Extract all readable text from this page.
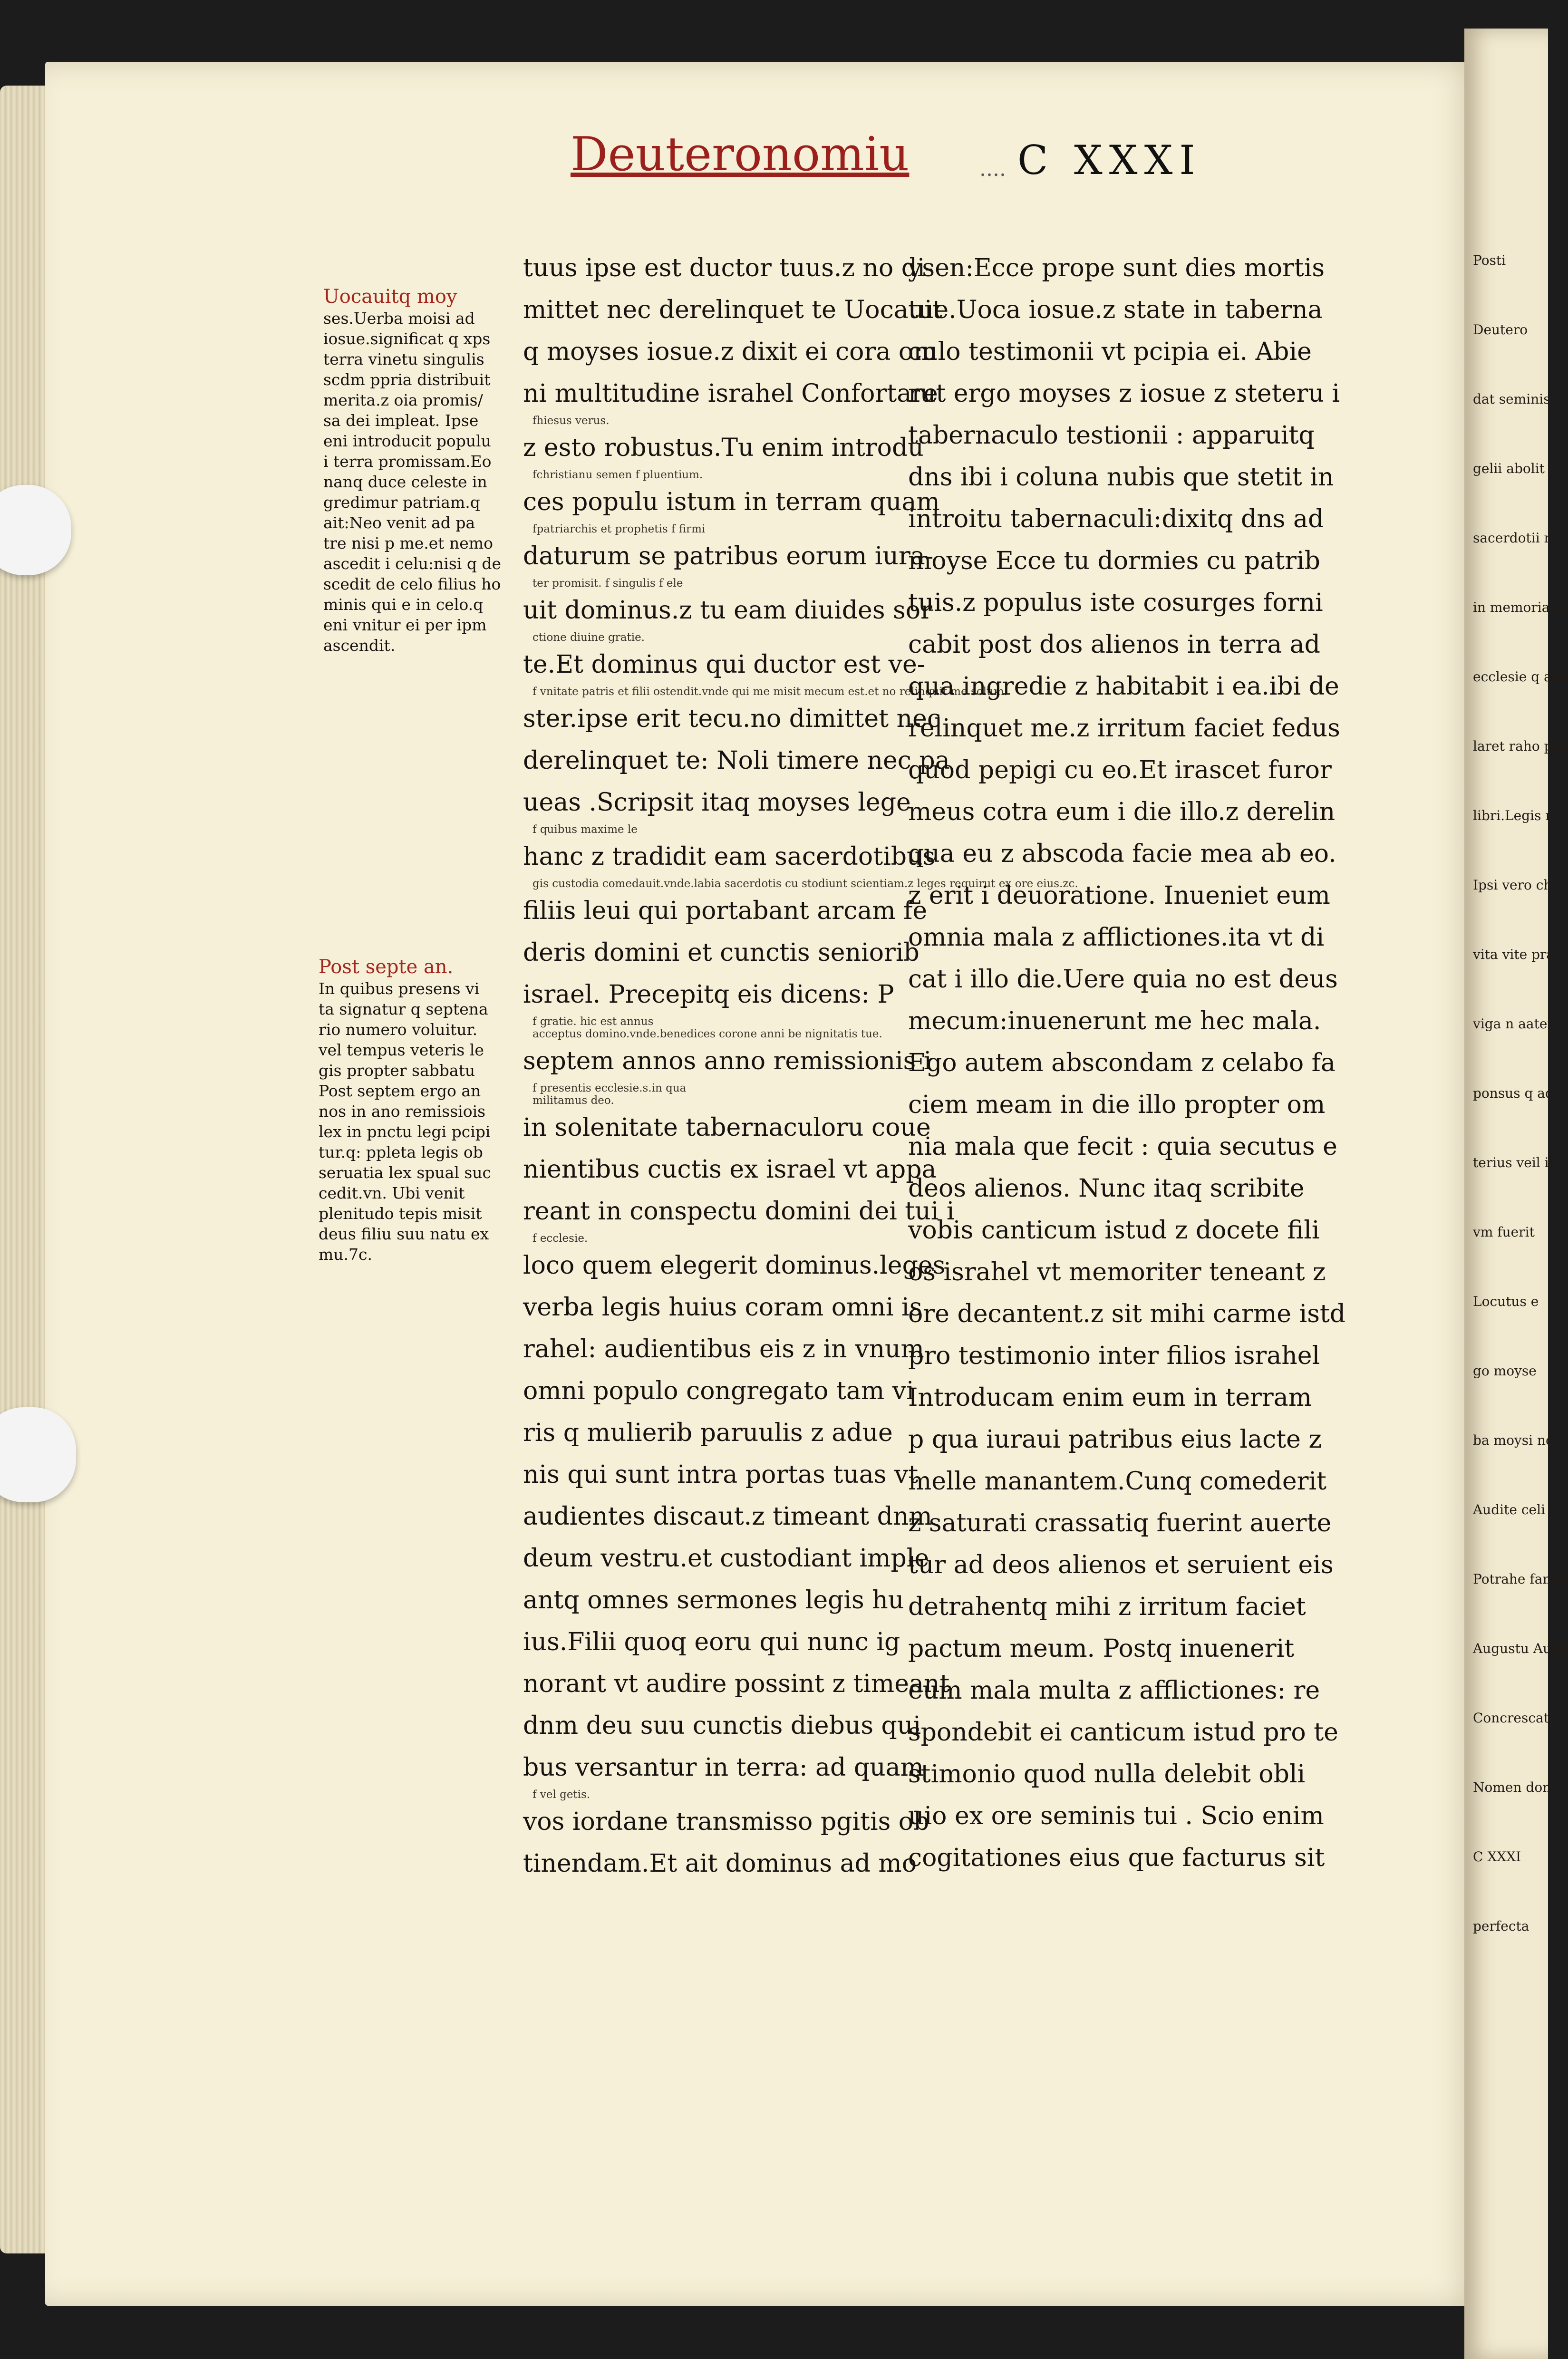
Posti
Deutero
dat seminis
gelii abolit
sacerdotii m
in memoria re
ecclesie q aba
laret raho pre
libri.Legis n
Ipsi vero cha
vita vite pra
viga n aatem
ponsus q ad
terius veil in
vm fuerit
Locutus e
go moyse
ba moysi no
Audite celi
Potrahe fama
Augustu Audi
Concrescat
Nomen don
C XXXI
perfecta
Deuteronomiu	.... C XXXI
Uocauitq moy
ses.Uerba moisi ad
iosue.significat q xps
terra vinetu singulis
scdm ppria distribuit
merita.z oia promis/
sa dei impleat. Ipse
eni introducit populu
i terra promissam.Eo
nanq duce celeste in
gredimur patriam.q
ait:Neo venit ad pa
tre nisi p me.et nemo
ascedit i celu:nisi q de
scedit de celo filius ho
minis qui e in celo.q
eni vnitur ei per ipm
ascendit.
Post septe an.
In quibus presens vi
ta signatur q septena
rio numero voluitur.
vel tempus veteris le
gis propter sabbatu
Post septem ergo an
nos in ano remissiois
lex in pnctu legi pcipi
tur.q: ppleta legis ob
seruatia lex spual suc
cedit.vn. Ubi venit
plenitudo tepis misit
deus filiu suu natu ex
mu.7c.
tuus ipse est ductor tuus.z no di-
mittet nec derelinquet te Uocauit
q moyses iosue.z dixit ei cora om
ni multitudine israhel Confortare
fhiesus verus.
z esto robustus.Tu enim introdu
fchristianu semen f pluentium.
ces populu istum in terram quam
fpatriarchis et prophetis f firmi
daturum se patribus eorum iura-
ter promisit. f singulis f ele
uit dominus.z tu eam diuides sor
ctione diuine gratie.
te.Et dominus qui ductor est ve-
f vnitate patris et filii ostendit.vnde qui me misit mecum est.et no relinquit me solum.
ster.ipse erit tecu.no dimittet nec
derelinquet te: Noli timere nec pa
ueas .Scripsit itaq moyses lege
f quibus maxime le
hanc z tradidit eam sacerdotibus
gis custodia comedauit.vnde.labia sacerdotis cu stodiunt scientiam.z leges requirut ex ore eius.zc.
filiis leui qui portabant arcam fe
deris domini et cunctis seniorib
israel. Precepitq eis dicens: P
f gratie. hic est annus
acceptus domino.vnde.benedices corone anni be nignitatis tue.
septem annos anno remissionis i
f presentis ecclesie.s.in qua
militamus deo.
in solenitate tabernaculoru coue
nientibus cuctis ex israel vt appa
reant in conspectu domini dei tui i
f ecclesie.
loco quem elegerit dominus.leges
verba legis huius coram omni is
rahel: audientibus eis z in vnum
omni populo congregato tam vi
ris q mulierib paruulis z adue
nis qui sunt intra portas tuas vt
audientes discaut.z timeant dnm
deum vestru.et custodiant imple
antq omnes sermones legis hu
ius.Filii quoq eoru qui nunc ig
norant vt audire possint z timeant
dnm deu suu cunctis diebus qui
bus versantur in terra: ad quam
f vel getis.
vos iordane transmisso pgitis ob
tinendam.Et ait dominus ad mo
ysen:Ecce prope sunt dies mortis
tue.Uoca iosue.z state in taberna
culo testimonii vt pcipia ei. Abie
rut ergo moyses z iosue z steteru i
tabernaculo testionii : apparuitq
dns ibi i coluna nubis que stetit in
introitu tabernaculi:dixitq dns ad
moyse Ecce tu dormies cu patrib
tuis.z populus iste cosurges forni
cabit post dos alienos in terra ad
qua ingredie z habitabit i ea.ibi de
relinquet me.z irritum faciet fedus
quod pepigi cu eo.Et irascet furor
meus cotra eum i die illo.z derelin
qua eu z abscoda facie mea ab eo.
z erit i deuoratione. Inueniet eum
omnia mala z afflictiones.ita vt di
cat i illo die.Uere quia no est deus
mecum:inuenerunt me hec mala.
Ego autem abscondam z celabo fa
ciem meam in die illo propter om
nia mala que fecit : quia secutus e
deos alienos. Nunc itaq scribite
vobis canticum istud z docete fili
os israhel vt memoriter teneant z
ore decantent.z sit mihi carme istd
pro testimonio inter filios israhel
Introducam enim eum in terram
p qua iuraui patribus eius lacte z
melle manantem.Cunq comederit
z saturati crassatiq fuerint auerte
tur ad deos alienos et seruient eis
detrahentq mihi z irritum faciet
pactum meum. Postq inuenerit
eum mala multa z afflictiones: re
spondebit ei canticum istud pro te
stimonio quod nulla delebit obli
uio ex ore seminis tui . Scio enim
cogitationes eius que facturus sit
